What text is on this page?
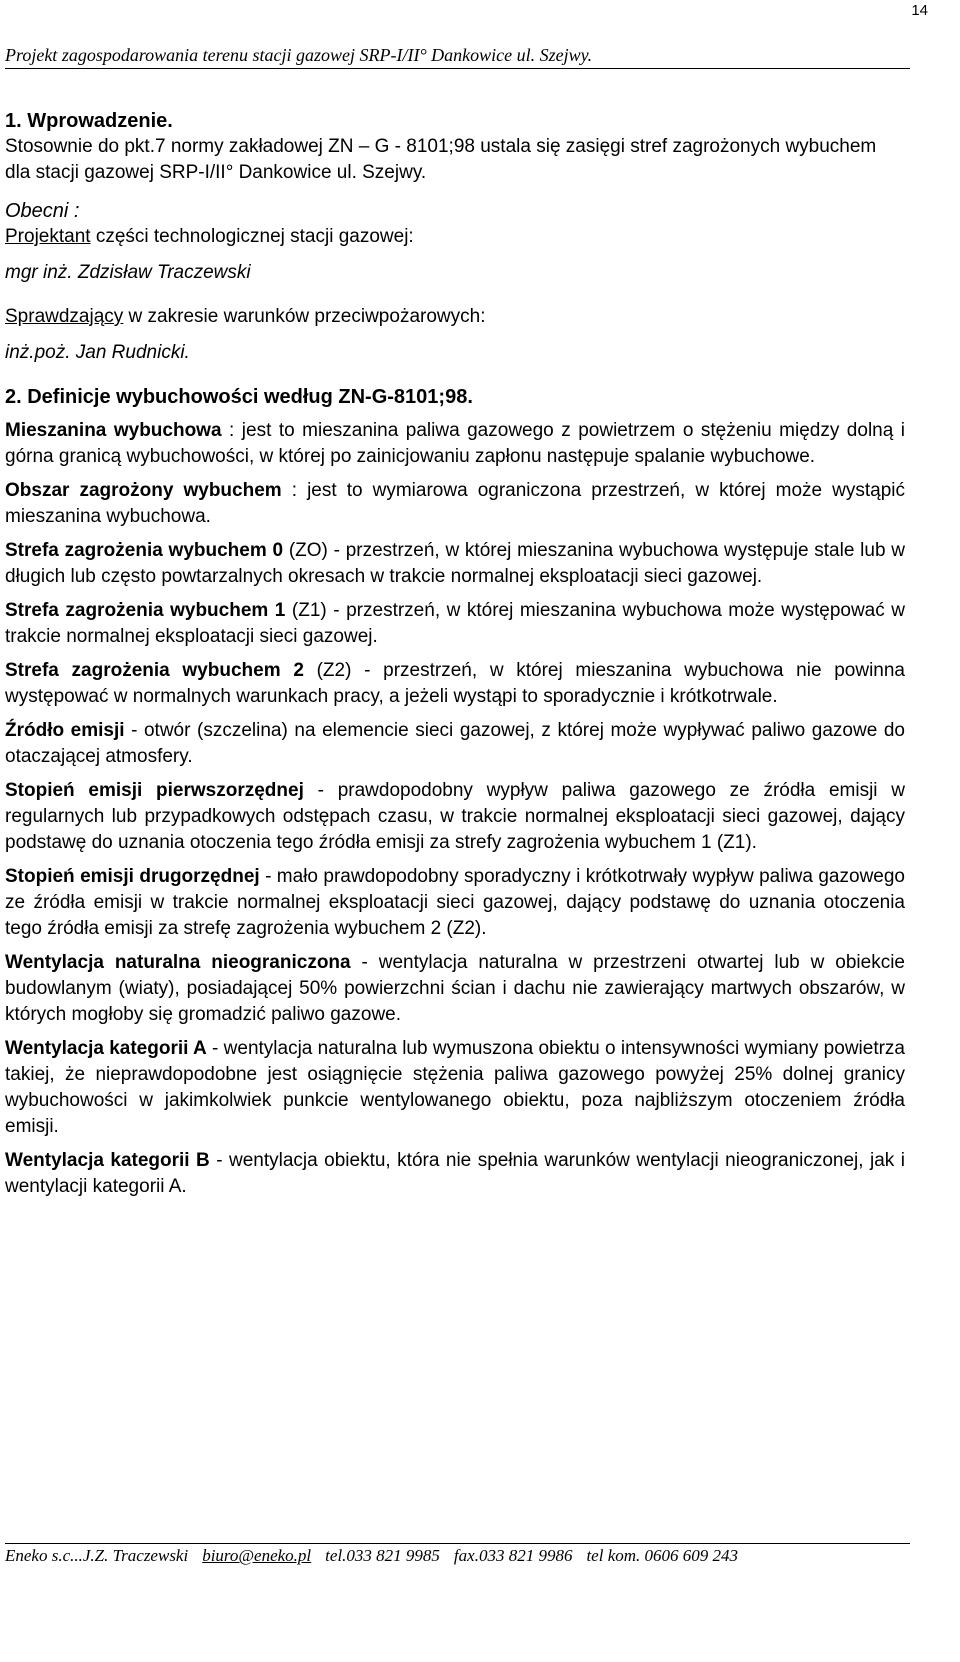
14
Projekt zagospodarowania terenu stacji gazowej SRP-I/II° Dankowice ul. Szejwy.
1. Wprowadzenie.

Stosownie do pkt.7 normy zakładowej ZN – G - 8101;98 ustala się zasięgi stref zagrożonych wybuchem dla stacji gazowej SRP-I/II° Dankowice ul. Szejwy.

Obecni :
Projektant części technologicznej stacji gazowej:
mgr inż. Zdzisław Traczewski
Sprawdzający w zakresie warunków przeciwpożarowych:
inż.poż. Jan Rudnicki.
2. Definicje wybuchowości według ZN-G-8101;98.

Mieszanina wybuchowa : jest to mieszanina paliwa gazowego z powietrzem o stężeniu między dolną i górna granicą wybuchowości, w której po zainicjowaniu zapłonu następuje spalanie wybuchowe.

Obszar zagrożony wybuchem : jest to wymiarowa ograniczona przestrzeń, w której może wystąpić mieszanina wybuchowa.

Strefa zagrożenia wybuchem 0 (ZO) - przestrzeń, w której mieszanina wybuchowa występuje stale lub w długich lub często powtarzalnych okresach w trakcie normalnej eksploatacji sieci gazowej.

Strefa zagrożenia wybuchem 1 (Z1) - przestrzeń, w której mieszanina wybuchowa może występować w trakcie normalnej eksploatacji sieci gazowej.

Strefa zagrożenia wybuchem 2 (Z2) - przestrzeń, w której mieszanina wybuchowa nie powinna występować w normalnych warunkach pracy, a jeżeli wystąpi to sporadycznie i krótkotrwale.

Źródło emisji - otwór (szczelina) na elemencie sieci gazowej, z której może wypływać paliwo gazowe do otaczającej atmosfery.

Stopień emisji pierwszorzędnej - prawdopodobny wypływ paliwa gazowego ze źródła emisji w regularnych lub przypadkowych odstępach czasu, w trakcie normalnej eksploatacji sieci gazowej, dający podstawę do uznania otoczenia tego źródła emisji za strefy zagrożenia wybuchem 1 (Z1).

Stopień emisji drugorzędnej - mało prawdopodobny sporadyczny i krótkotrwały wypływ paliwa gazowego ze źródła emisji w trakcie normalnej eksploatacji sieci gazowej, dający podstawę do uznania otoczenia tego źródła emisji za strefę zagrożenia wybuchem 2 (Z2).

Wentylacja naturalna nieograniczona - wentylacja naturalna w przestrzeni otwartej lub w obiekcie budowlanym (wiaty), posiadającej 50% powierzchni ścian i dachu nie zawierający martwych obszarów, w których mogłoby się gromadzić paliwo gazowe.

Wentylacja kategorii A - wentylacja naturalna lub wymuszona obiektu o intensywności wymiany powietrza takiej, że nieprawdopodobne jest osiągnięcie stężenia paliwa gazowego powyżej 25% dolnej granicy wybuchowości w jakimkolwiek punkcie wentylowanego obiektu, poza najbliższym otoczeniem źródła emisji.

Wentylacja kategorii B - wentylacja obiektu, która nie spełnia warunków wentylacji nieograniczonej, jak i wentylacji kategorii A.

Eneko s.c...J.Z. Traczewski biuro@eneko.pl tel.033 821 9985 fax.033 821 9986 tel kom. 0606 609 243
